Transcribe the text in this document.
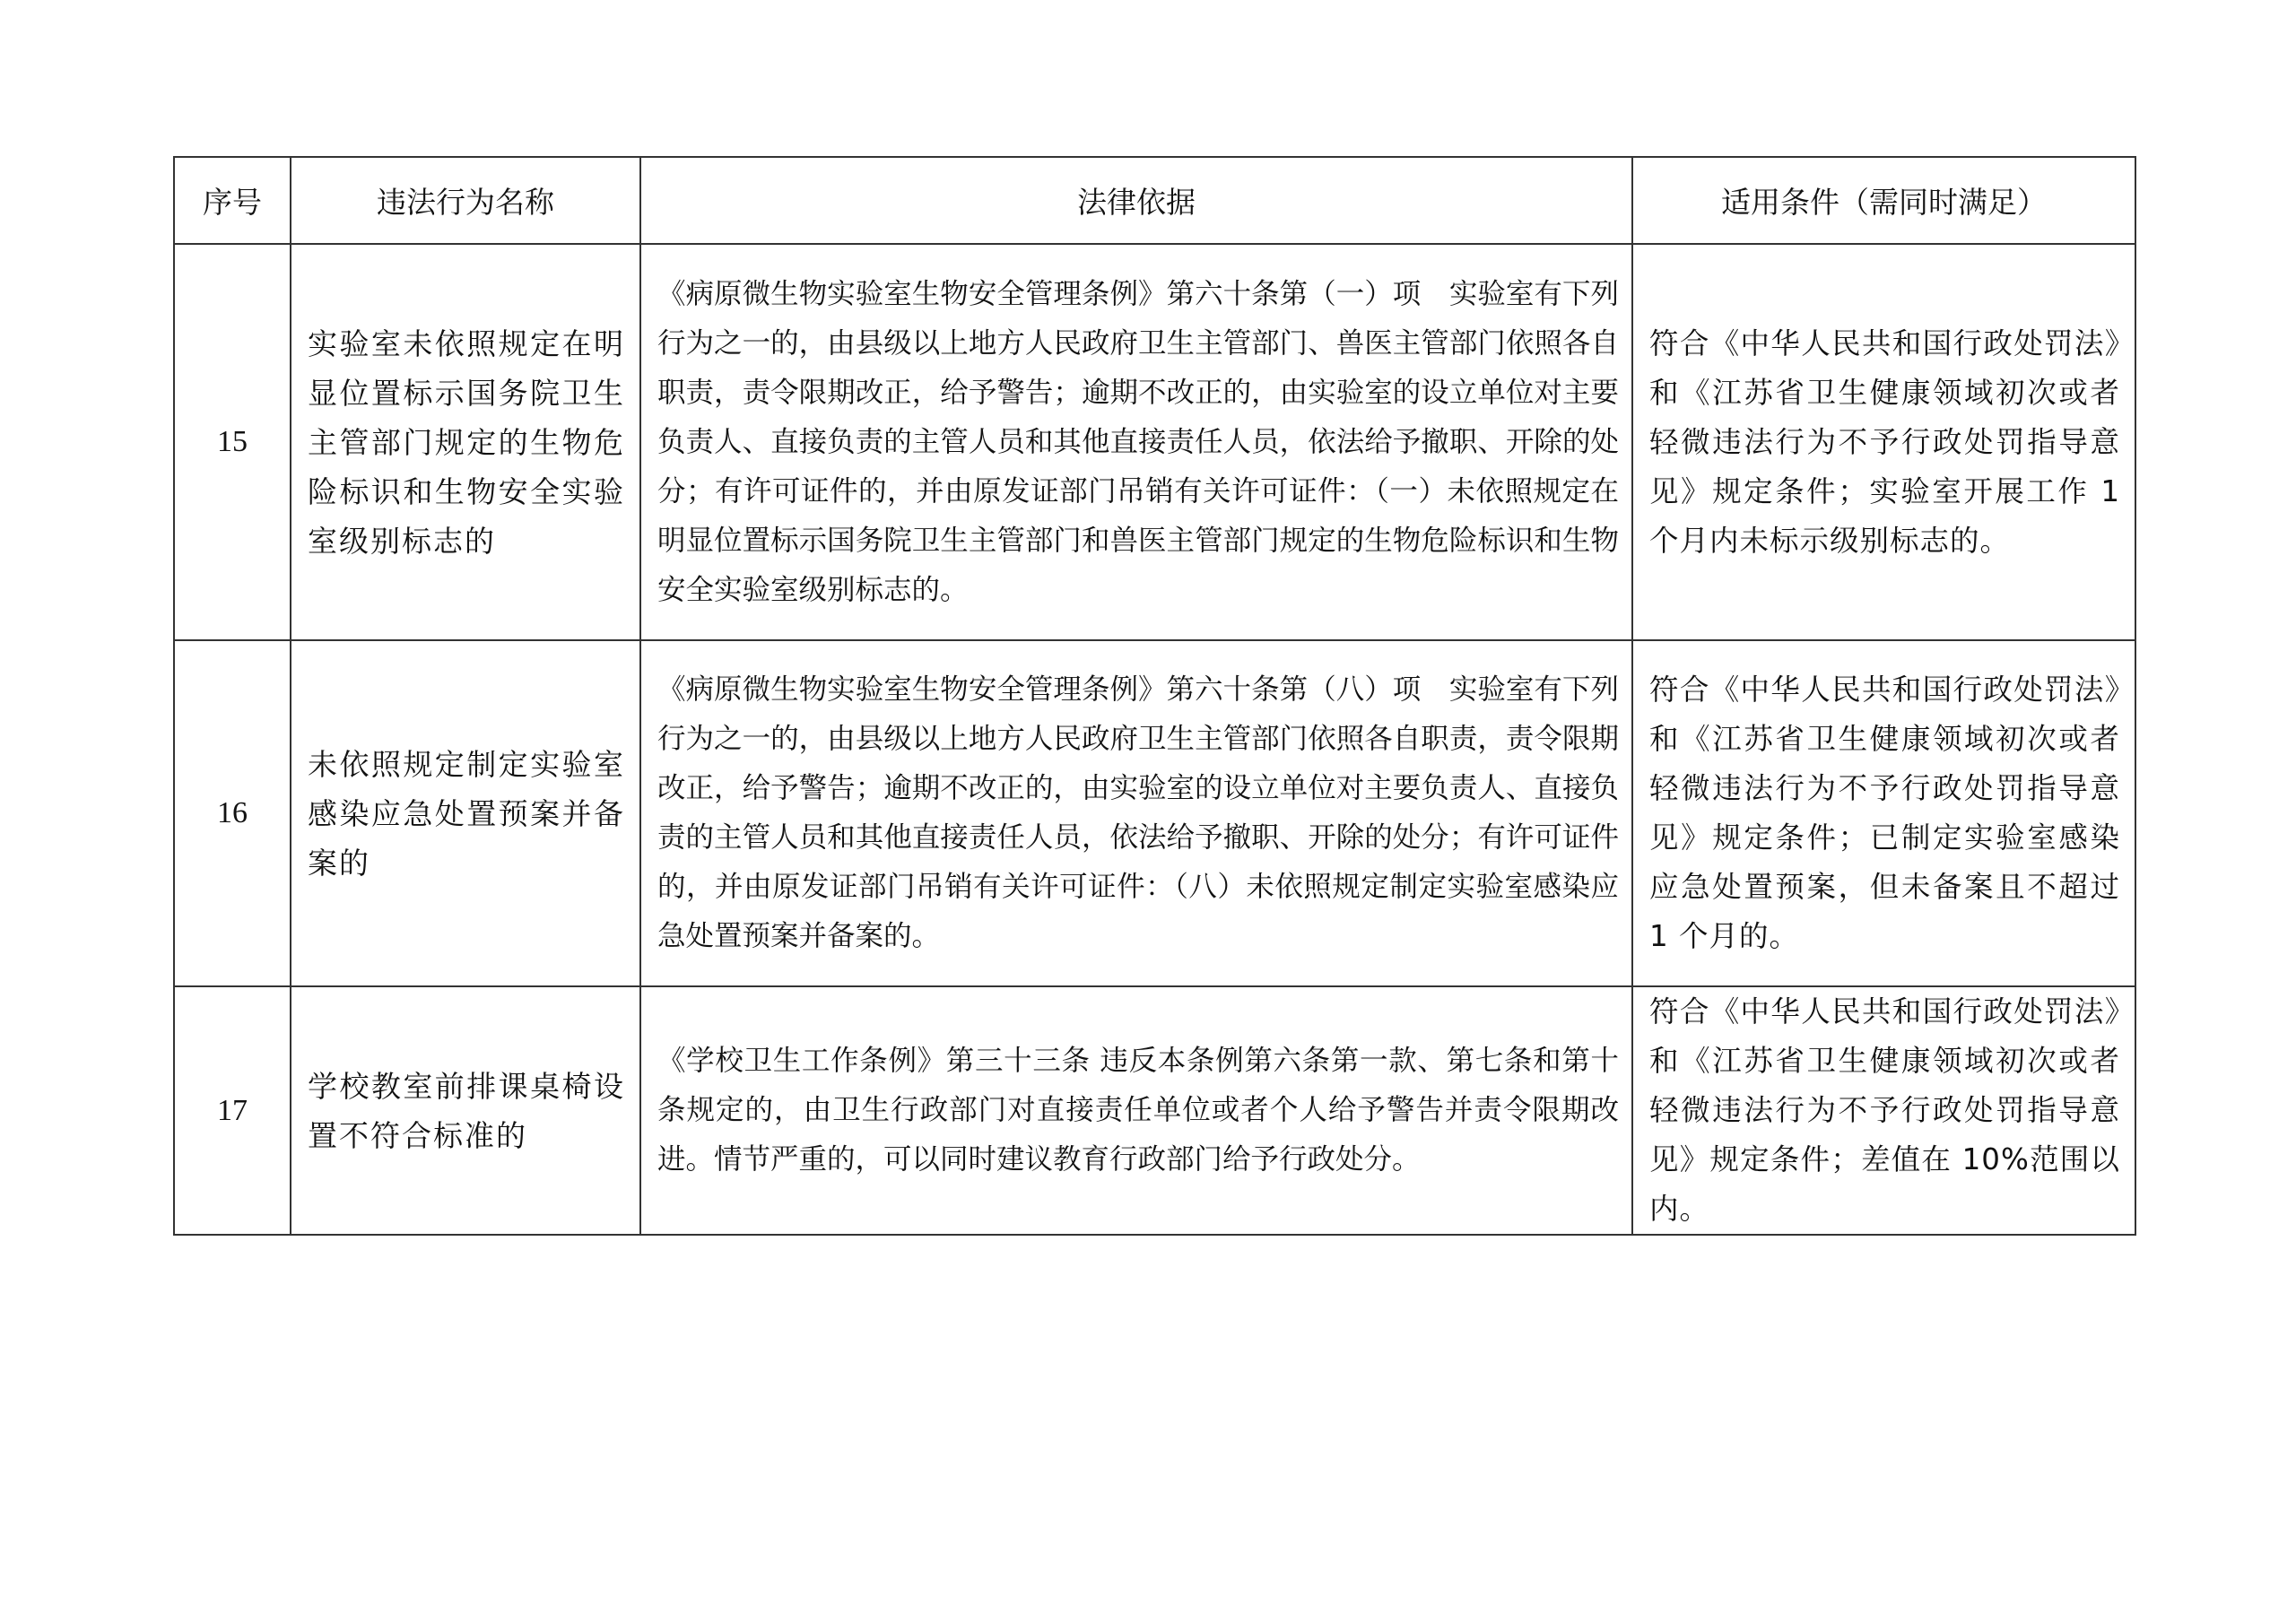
序号	违法行为名称	法律依据	适用条件（需同时满足）
15	实验室未依照规定在明显位置标示国务院卫生主管部门规定的生物危险标识和生物安全实验室级别标志的	《病原微生物实验室生物安全管理条例》第六十条第（一）项　实验室有下列行为之一的，由县级以上地方人民政府卫生主管部门、兽医主管部门依照各自职责，责令限期改正，给予警告；逾期不改正的，由实验室的设立单位对主要负责人、直接负责的主管人员和其他直接责任人员，依法给予撤职、开除的处分；有许可证件的，并由原发证部门吊销有关许可证件：（一）未依照规定在明显位置标示国务院卫生主管部门和兽医主管部门规定的生物危险标识和生物安全实验室级别标志的。	符合《中华人民共和国行政处罚法》和《江苏省卫生健康领域初次或者轻微违法行为不予行政处罚指导意见》规定条件；实验室开展工作 1 个月内未标示级别标志的。

16	未依照规定制定实验室感染应急处置预案并备案的	《病原微生物实验室生物安全管理条例》第六十条第（八）项　实验室有下列行为之一的，由县级以上地方人民政府卫生主管部门依照各自职责，责令限期改正，给予警告；逾期不改正的，由实验室的设立单位对主要负责人、直接负责的主管人员和其他直接责任人员，依法给予撤职、开除的处分；有许可证件的，并由原发证部门吊销有关许可证件：（八）未依照规定制定实验室感染应急处置预案并备案的。	符合《中华人民共和国行政处罚法》和《江苏省卫生健康领域初次或者轻微违法行为不予行政处罚指导意见》规定条件；已制定实验室感染应急处置预案，但未备案且不超过 1 个月的。

17	学校教室前排课桌椅设置不符合标准的	《学校卫生工作条例》第三十三条 违反本条例第六条第一款、第七条和第十条规定的，由卫生行政部门对直接责任单位或者个人给予警告并责令限期改进。情节严重的，可以同时建议教育行政部门给予行政处分。	符合《中华人民共和国行政处罚法》和《江苏省卫生健康领域初次或者轻微违法行为不予行政处罚指导意见》规定条件；差值在 10%范围以内。
